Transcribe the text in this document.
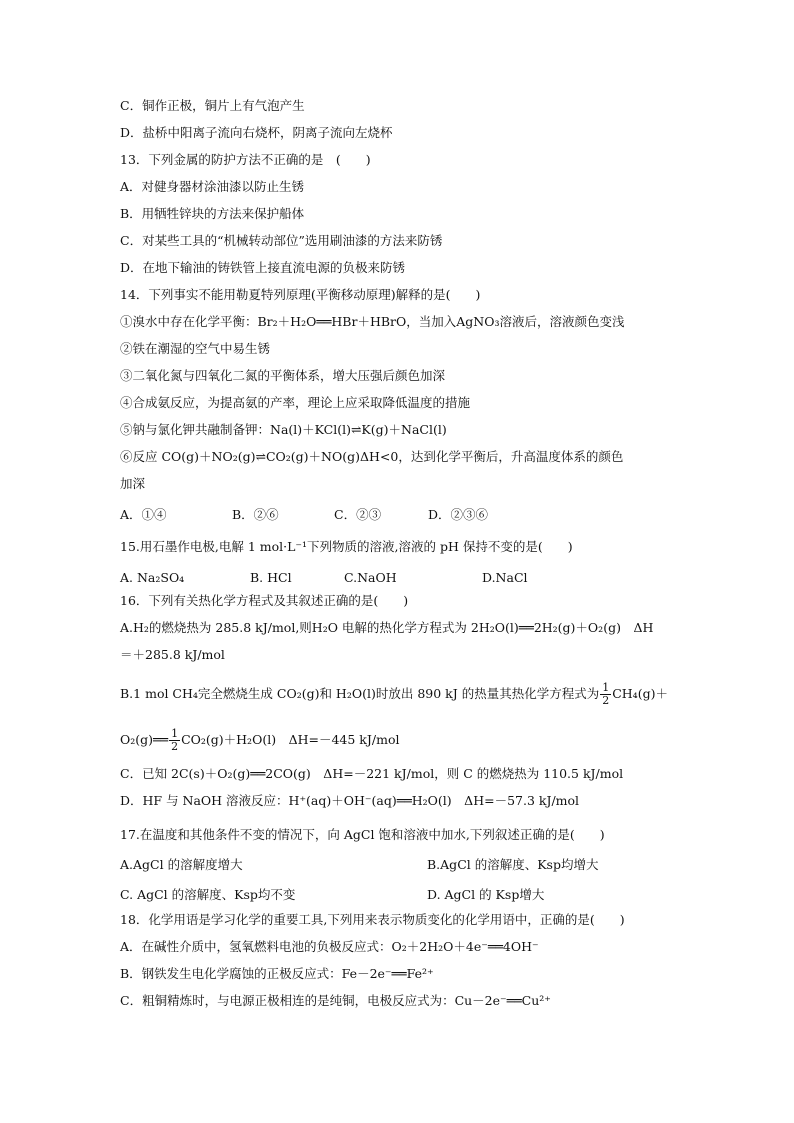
C．铜作正极，铜片上有气泡产生
D．盐桥中阳离子流向右烧杯，阴离子流向左烧杯
13．下列金属的防护方法不正确的是　(　　)
A．对健身器材涂油漆以防止生锈
B．用牺牲锌块的方法来保护船体
C．对某些工具的“机械转动部位”选用刷油漆的方法来防锈
D．在地下输油的铸铁管上接直流电源的负极来防锈
14．下列事实不能用勒夏特列原理(平衡移动原理)解释的是(　　)
①溴水中存在化学平衡：Br₂＋H₂O══HBr＋HBrO，当加入AgNO₃溶液后，溶液颜色变浅
②铁在潮湿的空气中易生锈
③二氧化氮与四氧化二氮的平衡体系，增大压强后颜色加深
④合成氨反应，为提高氨的产率，理论上应采取降低温度的措施
⑤钠与氯化钾共融制备钾：Na(l)＋KCl(l)⇌K(g)＋NaCl(l)
⑥反应 CO(g)＋NO₂(g)⇌CO₂(g)＋NO(g)ΔH<0，达到化学平衡后，升高温度体系的颜色
加深
15.用石墨作电极,电解 1 mol·L⁻¹下列物质的溶液,溶液的 pH 保持不变的是(　　)
16．下列有关热化学方程式及其叙述正确的是(　　)
A.H₂的燃烧热为 285.8 kJ/mol,则H₂O 电解的热化学方程式为 2H₂O(l)══2H₂(g)＋O₂(g)　ΔH
＝＋285.8 kJ/mol
C．已知 2C(s)＋O₂(g)══2CO(g)　ΔH=－221 kJ/mol，则 C 的燃烧热为 110.5 kJ/mol
D．HF 与 NaOH 溶液反应：H⁺(aq)＋OH⁻(aq)══H₂O(l)　ΔH=－57.3 kJ/mol
17.在温度和其他条件不变的情况下，向 AgCl 饱和溶液中加水,下列叙述正确的是(　　)
18．化学用语是学习化学的重要工具,下列用来表示物质变化的化学用语中，正确的是(　　)
A．在碱性介质中，氢氧燃料电池的负极反应式：O₂＋2H₂O＋4e⁻══4OH⁻
B．钢铁发生电化学腐蚀的正极反应式：Fe－2e⁻══Fe²⁺
C．粗铜精炼时，与电源正极相连的是纯铜，电极反应式为：Cu－2e⁻══Cu²⁺
A．①④	B．②⑥	C．②③	D．②③⑥
A. Na₂SO₄	B. HCl	C.NaOH	D.NaCl
B.1 mol CH₄完全燃烧生成 CO₂(g)和 H₂O(l)时放出 890 kJ 的热量其热化学方程式为 $\frac{1}{2} CH_4(g)+$
O₂(g)══ $\frac{1}{2} CO_2(g)+H_2O(l)$　ΔH=－445 kJ/mol
A.AgCl 的溶解度增大	B.AgCl 的溶解度、Ksp均增大
C. AgCl 的溶解度、Ksp均不变	D. AgCl 的 Ksp增大
